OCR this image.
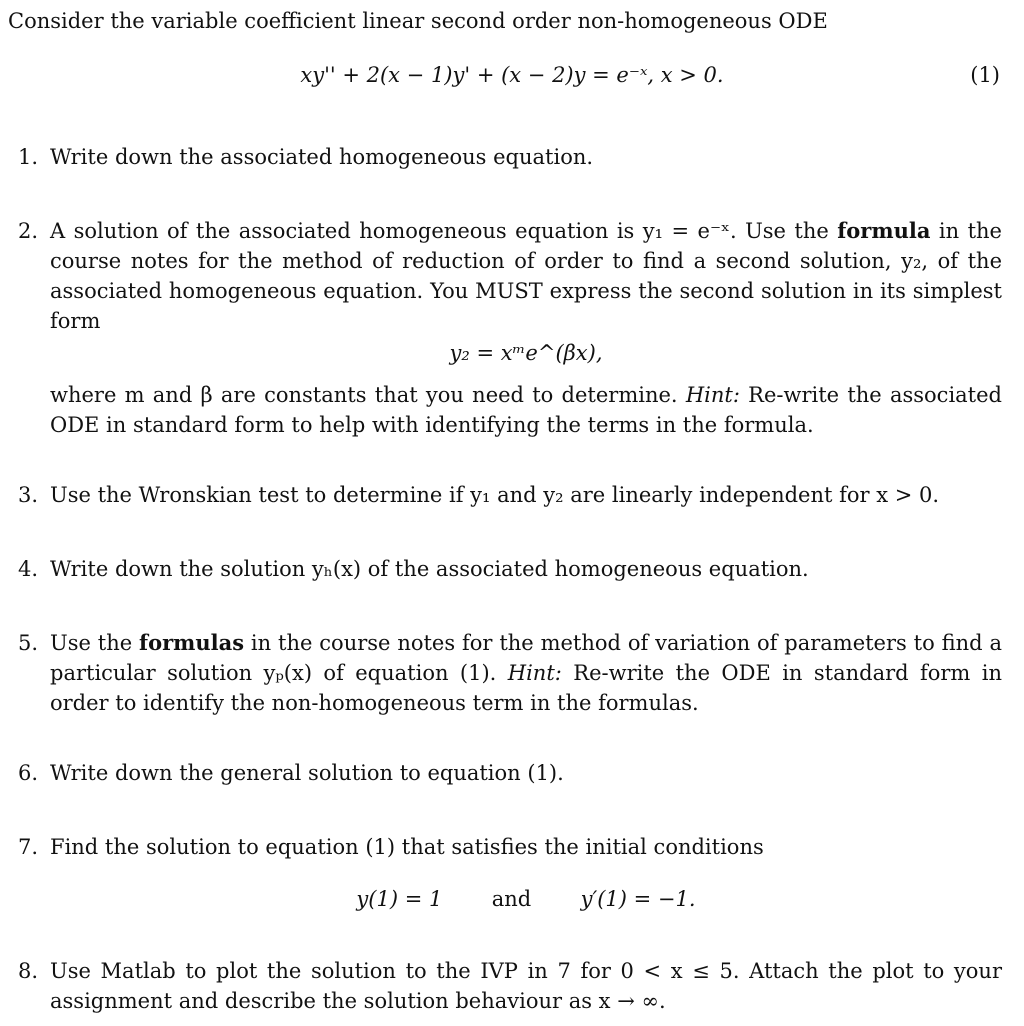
Consider the variable coefficient linear second order non-homogeneous ODE
xy'' + 2(x − 1)y' + (x − 2)y = e⁻ˣ, x > 0.	(1)
1. Write down the associated homogeneous equation.
2. A solution of the associated homogeneous equation is y₁ = e⁻ˣ. Use the formula in the course notes for the method of reduction of order to find a second solution, y₂, of the associated homogeneous equation. You MUST express the second solution in its simplest form
y₂ = xᵐe^(βx),
where m and β are constants that you need to determine. Hint: Re-write the associated ODE in standard form to help with identifying the terms in the formula.
3. Use the Wronskian test to determine if y₁ and y₂ are linearly independent for x > 0.
4. Write down the solution yₕ(x) of the associated homogeneous equation.
5. Use the formulas in the course notes for the method of variation of parameters to find a particular solution yₚ(x) of equation (1). Hint: Re-write the ODE in standard form in order to identify the non-homogeneous term in the formulas.
6. Write down the general solution to equation (1).
7. Find the solution to equation (1) that satisfies the initial conditions
y(1) = 1 and y′(1) = −1.
8. Use Matlab to plot the solution to the IVP in 7 for 0 < x ≤ 5. Attach the plot to your assignment and describe the solution behaviour as x → ∞.
